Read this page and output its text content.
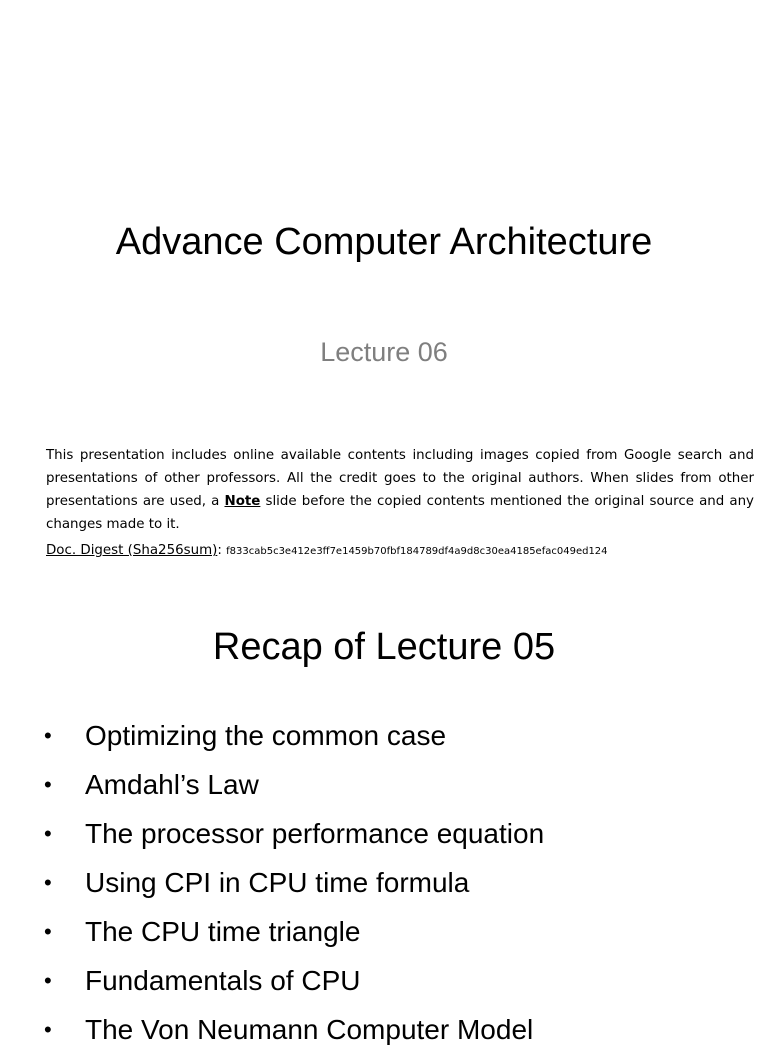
Advance Computer Architecture
Lecture 06

This presentation includes online available contents including images copied from Google search and presentations of other professors. All the credit goes to the original authors. When slides from other presentations are used, a Note slide before the copied contents mentioned the original source and any changes made to it.

Doc. Digest (Sha256sum): f833cab5c3e412e3ff7e1459b70fbf184789df4a9d8c30ea4185efac049ed124
Recap of Lecture 05
• Optimizing the common case
• Amdahl’s Law
• The processor performance equation
• Using CPI in CPU time formula
• The CPU time triangle
• Fundamentals of CPU
• The Von Neumann Computer Model
